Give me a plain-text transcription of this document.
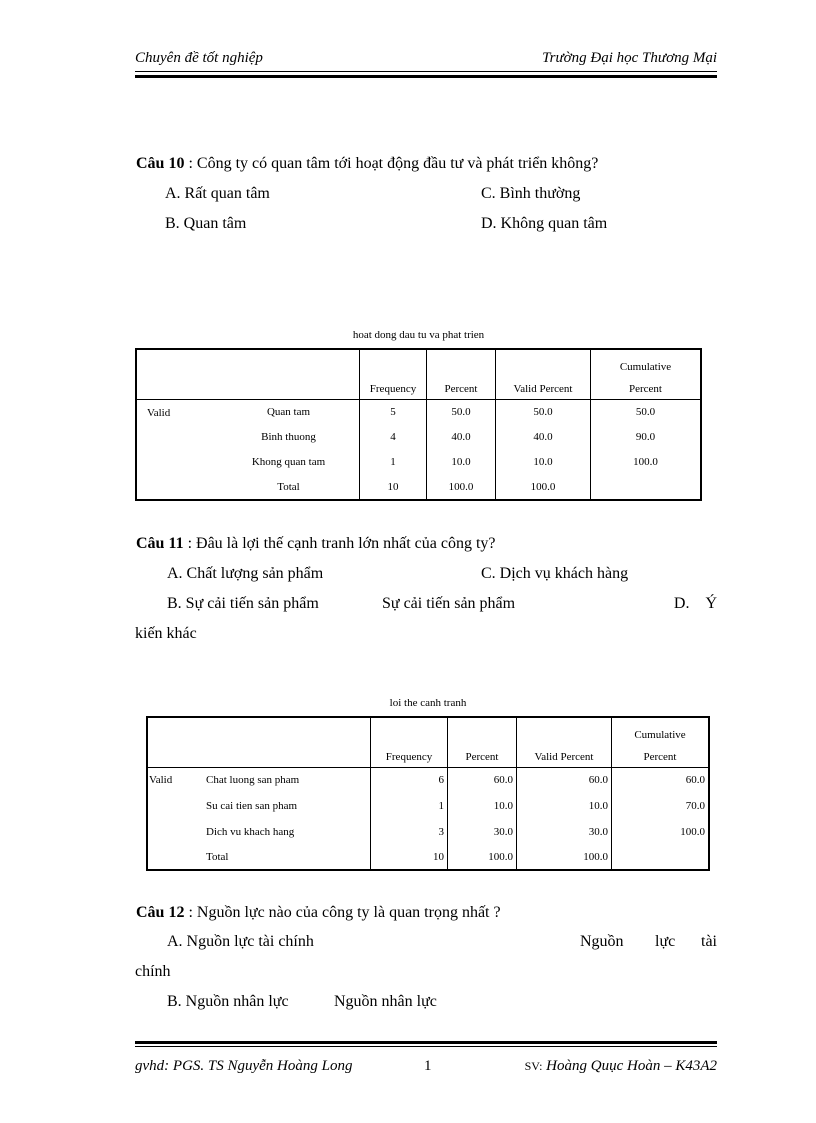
Chuyên đề tốt nghiệp	Trường Đại học Thương Mại
Câu 10 : Công ty có quan tâm tới hoạt động đầu tư và phát triển không?
A. Rất quan tâm	C. Bình thường
B. Quan tâm	D. Không quan tâm
hoat dong dau tu va phat trien
		Frequency	Percent	Valid Percent	Cumulative
Percent

Valid	Quan tam	5	50.0	50.0	50.0
	Binh thuong	4	40.0	40.0	90.0
	Khong quan tam	1	10.0	10.0	100.0
	Total	10	100.0	100.0	
Câu 11 : Đâu là lợi thế cạnh tranh lớn nhất của công ty?
A. Chất lượng sản phẩm	C. Dịch vụ khách hàng
B. Sự cải tiến sản phẩm	Sự cải tiến sản phẩm	D. Ý
kiến khác
loi the canh tranh
		Frequency	Percent	Valid Percent	Cumulative
Percent

Valid	Chat luong san pham	6	60.0	60.0	60.0
	Su cai tien san pham	1	10.0	10.0	70.0
	Dich vu khach hang	3	30.0	30.0	100.0
	Total	10	100.0	100.0	
Câu 12 : Nguồn lực nào của công ty là quan trọng nhất ?
A. Nguồn lực tài chính	Nguồn lực tài
chính
B. Nguồn nhân lực	Nguồn nhân lực
gvhd: PGS. TS Nguyễn Hoàng Long	1	SV: Hoàng Quục Hoàn – K43A2
